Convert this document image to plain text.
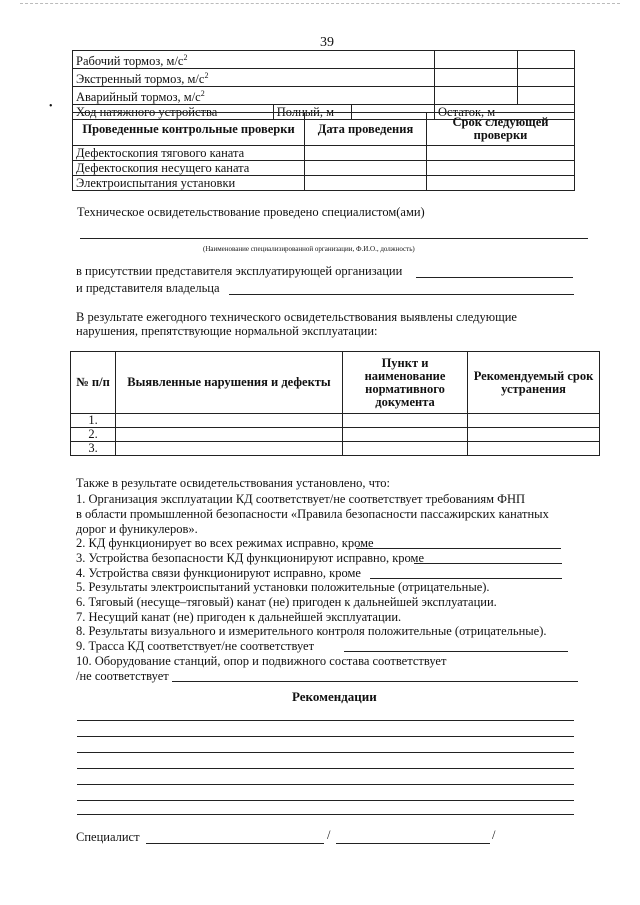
39
Рабочий тормоз, $м/с^2$		
Экстренный тормоз, $м/с^2$		
Аварийный тормоз, $м/с^2$		
Ход натяжного устройства	Полный, м		Остаток, м	
•
Проведенные контрольные проверки	Дата проведения	Срок следующей проверки
Дефектоскопия тягового каната		
Дефектоскопия несущего каната		
Электроиспытания установки		
Техническое освидетельствование проведено специалистом(ами)
(Наименование специализированной организации, Ф.И.О., должность)
в присутствии представителя эксплуатирующей организации
и представителя владельца
В результате ежегодного технического освидетельствования выявлены следующие
нарушения, препятствующие нормальной эксплуатации:
№ п/п	Выявленные нарушения и дефекты	Пункт и наименование нормативного документа	Рекомендуемый срок устранения
1.			
2.			
3.			
Также в результате освидетельствования установлено, что:
1. Организация эксплуатации КД соответствует/не соответствует требованиям ФНП
в области промышленной безопасности «Правила безопасности пассажирских канатных
дорог и фуникулеров».
2. КД функционирует во всех режимах исправно, кроме
3. Устройства безопасности КД функционируют исправно, кроме
4. Устройства связи функционируют исправно, кроме
5. Результаты электроиспытаний установки положительные (отрицательные).
6. Тяговый (несуще–тяговый) канат (не) пригоден к дальнейшей эксплуатации.
7. Несущий канат (не) пригоден к дальнейшей эксплуатации.
8. Результаты визуального и измерительного контроля положительные (отрицательные).
9. Трасса КД соответствует/не соответствует
10. Оборудование станций, опор и подвижного состава соответствует
/не соответствует
Рекомендации
Специалист	/	/
